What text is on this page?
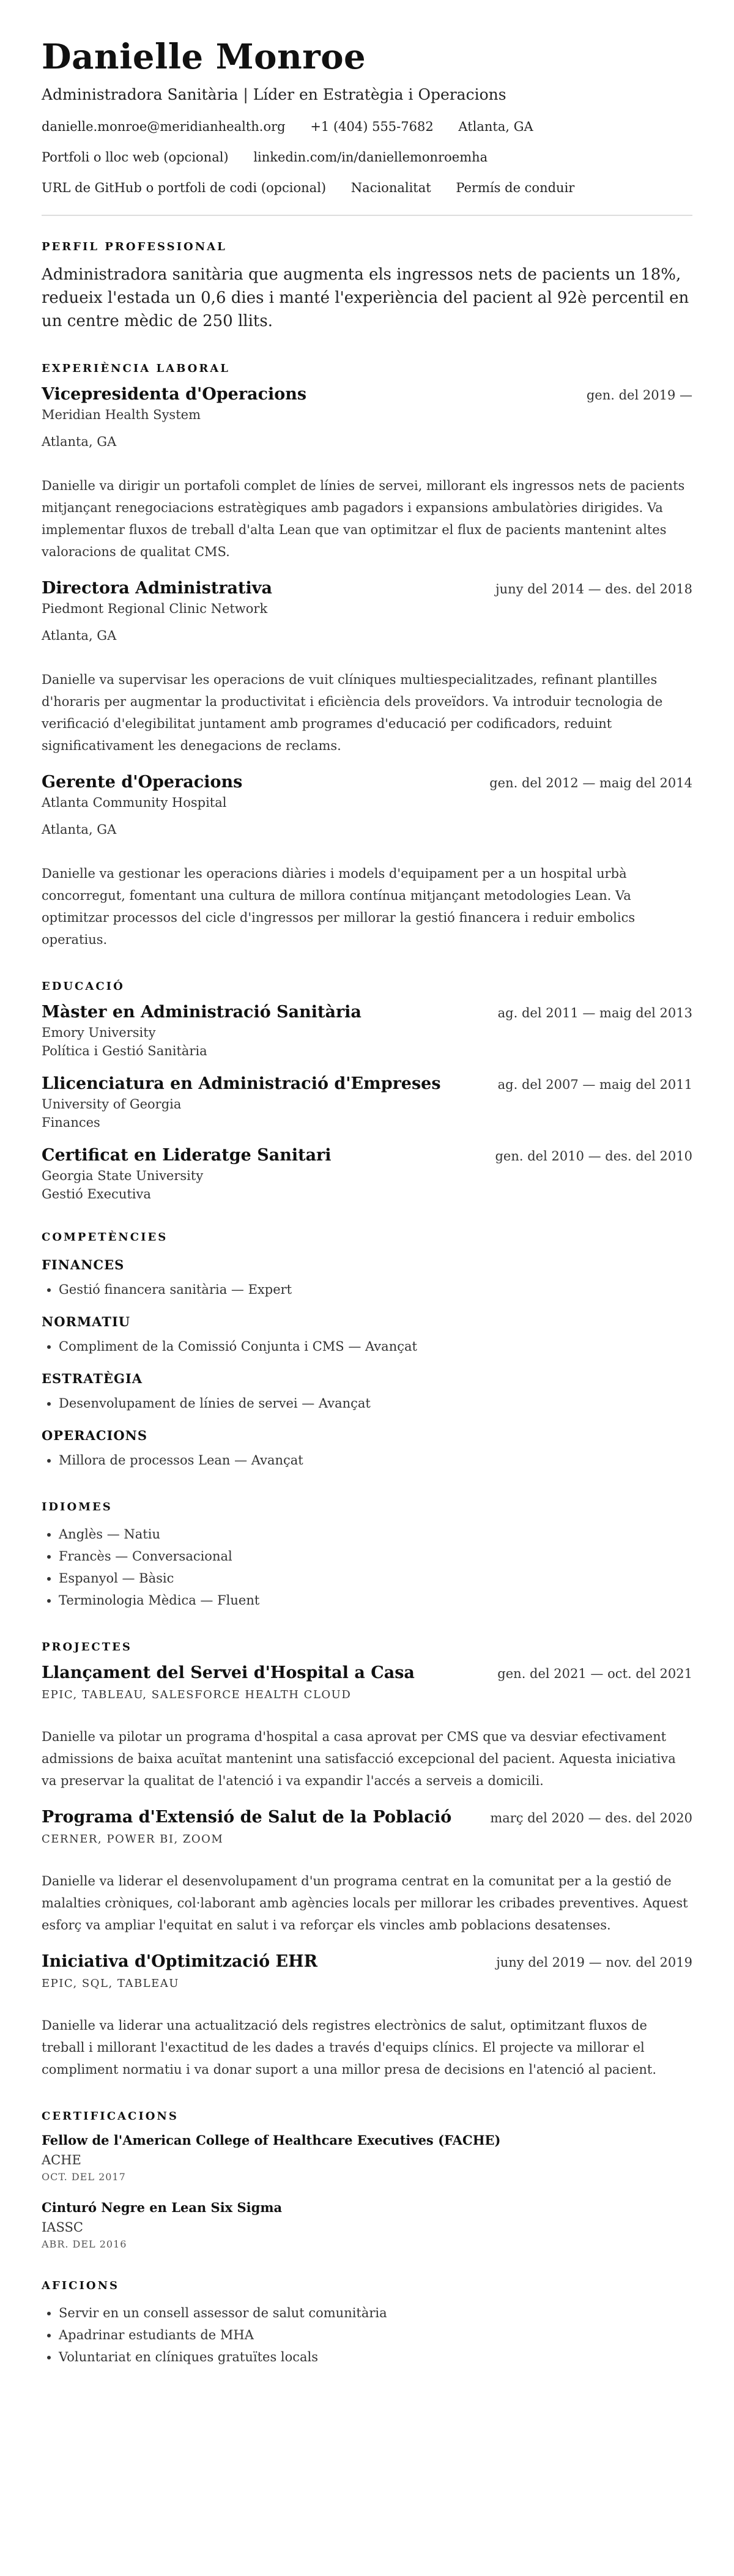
Danielle Monroe
Administradora Sanitària | Líder en Estratègia i Operacions
danielle.monroe@meridianhealth.org +1 (404) 555-7682 Atlanta, GA
Portfoli o lloc web (opcional) linkedin.com/in/daniellemonroemha
URL de GitHub o portfoli de codi (opcional) Nacionalitat Permís de conduir
PERFIL PROFESSIONAL

Administradora sanitària que augmenta els ingressos nets de pacients un 18%, redueix l'estada un 0,6 dies i manté l'experiència del pacient al 92è percentil en un centre mèdic de 250 llits.

EXPERIÈNCIA LABORAL
Vicepresidenta d'Operacions	gen. del 2019 —
Meridian Health System
Atlanta, GA
Danielle va dirigir un portafoli complet de línies de servei, millorant els ingressos nets de pacients mitjançant renegociacions estratègiques amb pagadors i expansions ambulatòries dirigides. Va implementar fluxos de treball d'alta Lean que van optimitzar el flux de pacients mantenint altes valoracions de qualitat CMS.
Directora Administrativa	juny del 2014 — des. del 2018
Piedmont Regional Clinic Network
Atlanta, GA
Danielle va supervisar les operacions de vuit clíniques multiespecialitzades, refinant plantilles d'horaris per augmentar la productivitat i eficiència dels proveïdors. Va introduir tecnologia de verificació d'elegibilitat juntament amb programes d'educació per codificadors, reduint significativament les denegacions de reclams.
Gerente d'Operacions	gen. del 2012 — maig del 2014
Atlanta Community Hospital
Atlanta, GA
Danielle va gestionar les operacions diàries i models d'equipament per a un hospital urbà concorregut, fomentant una cultura de millora contínua mitjançant metodologies Lean. Va optimitzar processos del cicle d'ingressos per millorar la gestió financera i reduir embolics operatius.
EDUCACIÓ
Màster en Administració Sanitària	ag. del 2011 — maig del 2013
Emory University
Política i Gestió Sanitària
Llicenciatura en Administració d'Empreses	ag. del 2007 — maig del 2011
University of Georgia
Finances
Certificat en Lideratge Sanitari	gen. del 2010 — des. del 2010
Georgia State University
Gestió Executiva
COMPETÈNCIES
FINANCES
• Gestió financera sanitària — Expert
NORMATIU
• Compliment de la Comissió Conjunta i CMS — Avançat
ESTRATÈGIA
• Desenvolupament de línies de servei — Avançat
OPERACIONS
• Millora de processos Lean — Avançat
IDIOMES
• Anglès — Natiu
• Francès — Conversacional
• Espanyol — Bàsic
• Terminologia Mèdica — Fluent
PROJECTES
Llançament del Servei d'Hospital a Casa	gen. del 2021 — oct. del 2021
EPIC, TABLEAU, SALESFORCE HEALTH CLOUD
Danielle va pilotar un programa d'hospital a casa aprovat per CMS que va desviar efectivament admissions de baixa acuïtat mantenint una satisfacció excepcional del pacient. Aquesta iniciativa va preservar la qualitat de l'atenció i va expandir l'accés a serveis a domicili.
Programa d'Extensió de Salut de la Població	març del 2020 — des. del 2020
CERNER, POWER BI, ZOOM
Danielle va liderar el desenvolupament d'un programa centrat en la comunitat per a la gestió de malalties cròniques, col·laborant amb agències locals per millorar les cribades preventives. Aquest esforç va ampliar l'equitat en salut i va reforçar els vincles amb poblacions desatenses.
Iniciativa d'Optimització EHR	juny del 2019 — nov. del 2019
EPIC, SQL, TABLEAU
Danielle va liderar una actualització dels registres electrònics de salut, optimitzant fluxos de treball i millorant l'exactitud de les dades a través d'equips clínics. El projecte va millorar el compliment normatiu i va donar suport a una millor presa de decisions en l'atenció al pacient.
CERTIFICACIONS
Fellow de l'American College of Healthcare Executives (FACHE)
ACHE
OCT. DEL 2017
Cinturó Negre en Lean Six Sigma
IASSC
ABR. DEL 2016
AFICIONS
• Servir en un consell assessor de salut comunitària
• Apadrinar estudiants de MHA
• Voluntariat en clíniques gratuïtes locals
